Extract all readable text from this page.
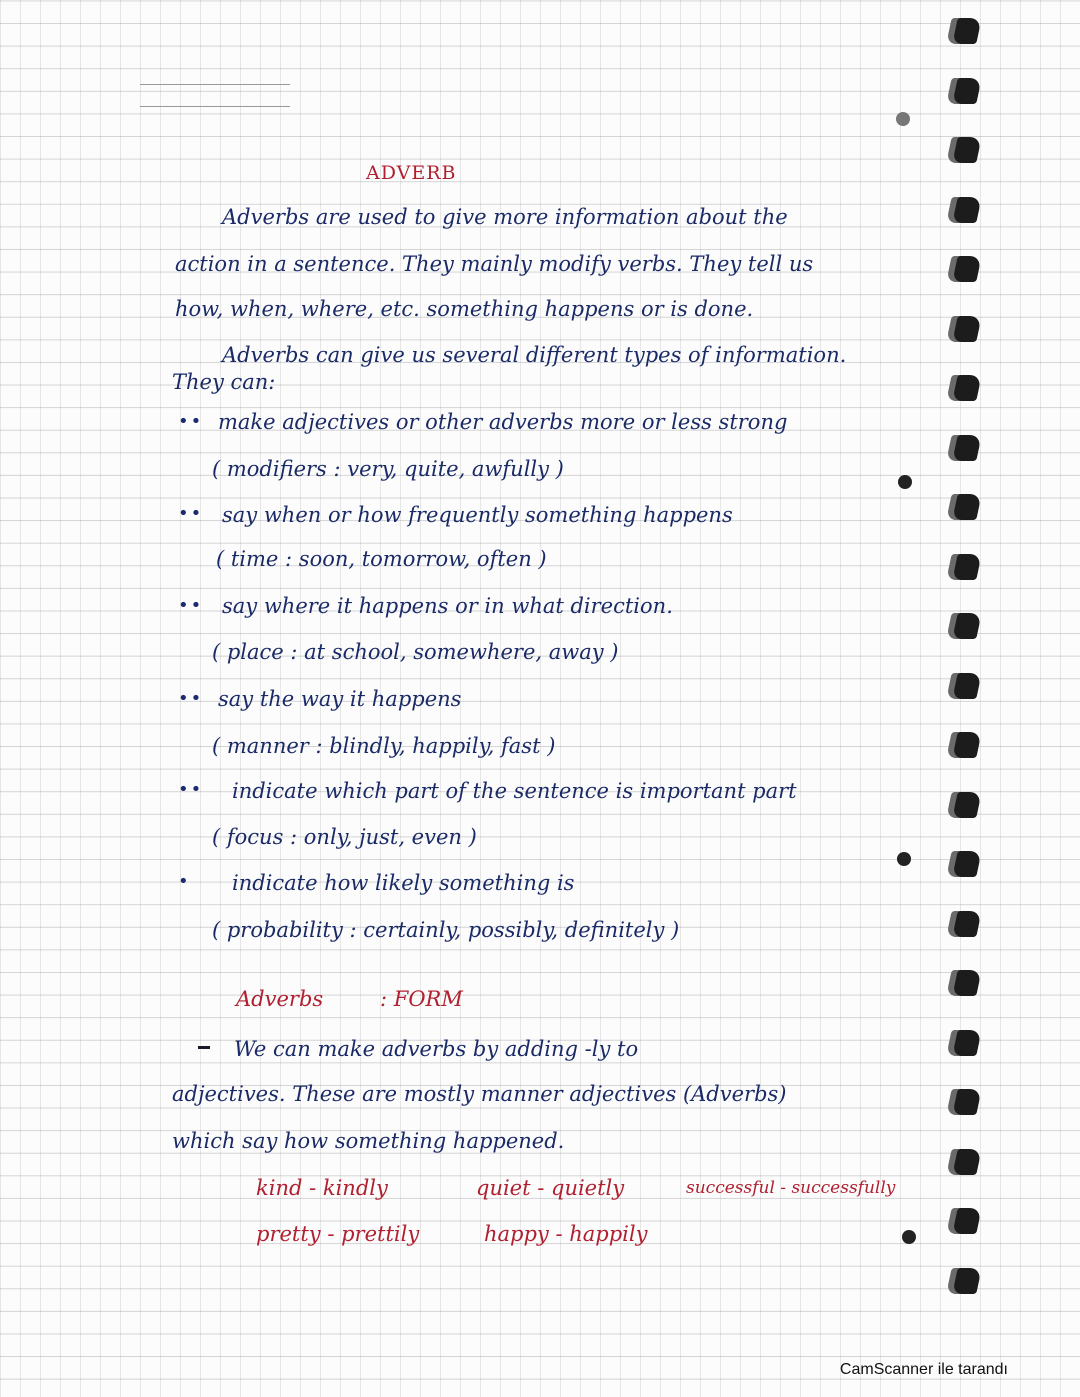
ADVERB
Adverbs are used to give more information about the
action in a sentence. They mainly modify verbs. They tell us
how, when, where, etc. something happens or is done.
Adverbs can give us several different types of information.
They can:
•• make adjectives or other adverbs more or less strong
( modifiers : very, quite, awfully )
•• say when or how frequently something happens
( time : soon, tomorrow, often )
•• say where it happens or in what direction.
( place : at school, somewhere, away )
•• say the way it happens
( manner : blindly, happily, fast )
•• indicate which part of the sentence is important part
( focus : only, just, even )
• indicate how likely something is
( probability : certainly, possibly, definitely )
Adverbs	: FORM
We can make adverbs by adding -ly to
adjectives. These are mostly manner adjectives (Adverbs)
which say how something happened.
kind - kindly	quiet - quietly	successful - successfully
pretty - prettily	happy - happily
CamScanner ile tarandı
